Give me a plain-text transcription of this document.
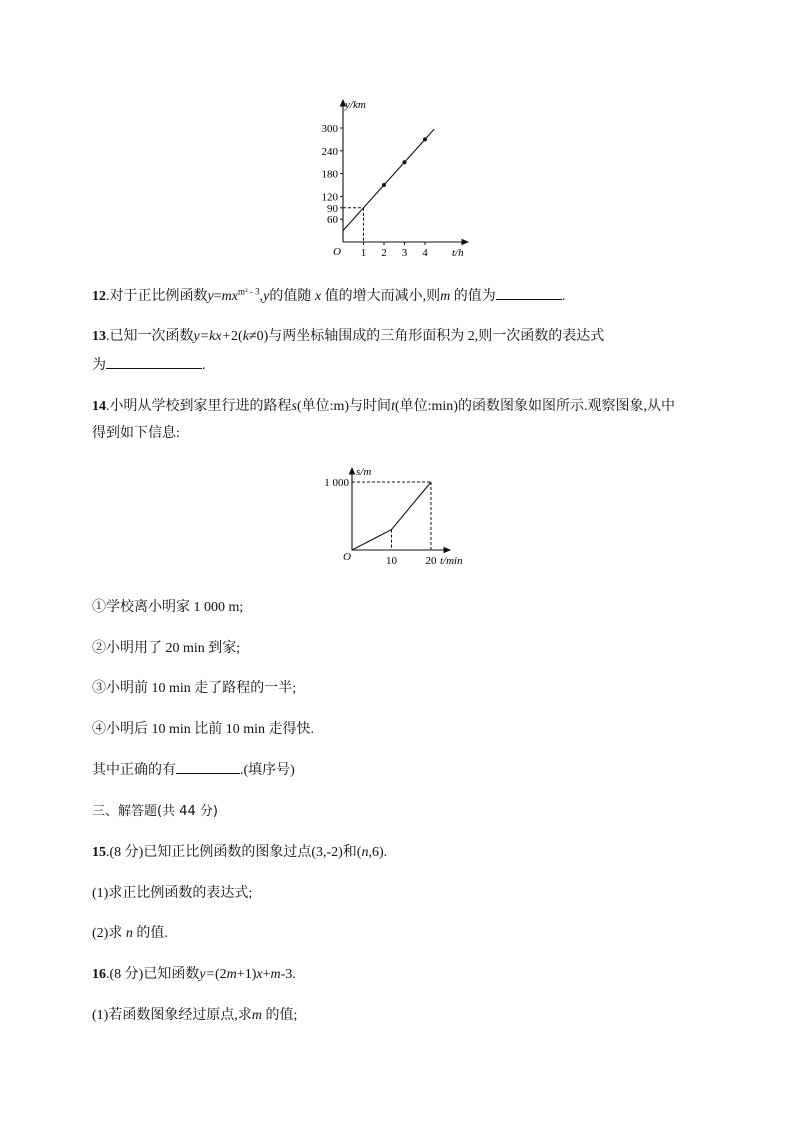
y/km
t/h
O
60
90
120
180
240
300
1 2 3 4
12.对于正比例函数$y=mx^{m^2 - 3},y$的值随 x 值的增大而减小,则m 的值为	.
13.已知一次函数y=kx+2(k≠0)与两坐标轴围成的三角形面积为 2,则一次函数的表达式
为	.
14.小明从学校到家里行进的路程s(单位:m)与时间t(单位:min)的函数图象如图所示.观察图象,从中
得到如下信息:
s/m
t/min
O
1 000
10	20
①学校离小明家 1 000 m;
②小明用了 20 min 到家;
③小明前 10 min 走了路程的一半;
④小明后 10 min 比前 10 min 走得快.
其中正确的有	.(填序号)
三、解答题(共 44 分)
15.(8 分)已知正比例函数的图象过点(3,-2)和(n,6).
(1)求正比例函数的表达式;
(2)求 n 的值.
16.(8 分)已知函数y=(2m+1)x+m-3.
(1)若函数图象经过原点,求m 的值;
